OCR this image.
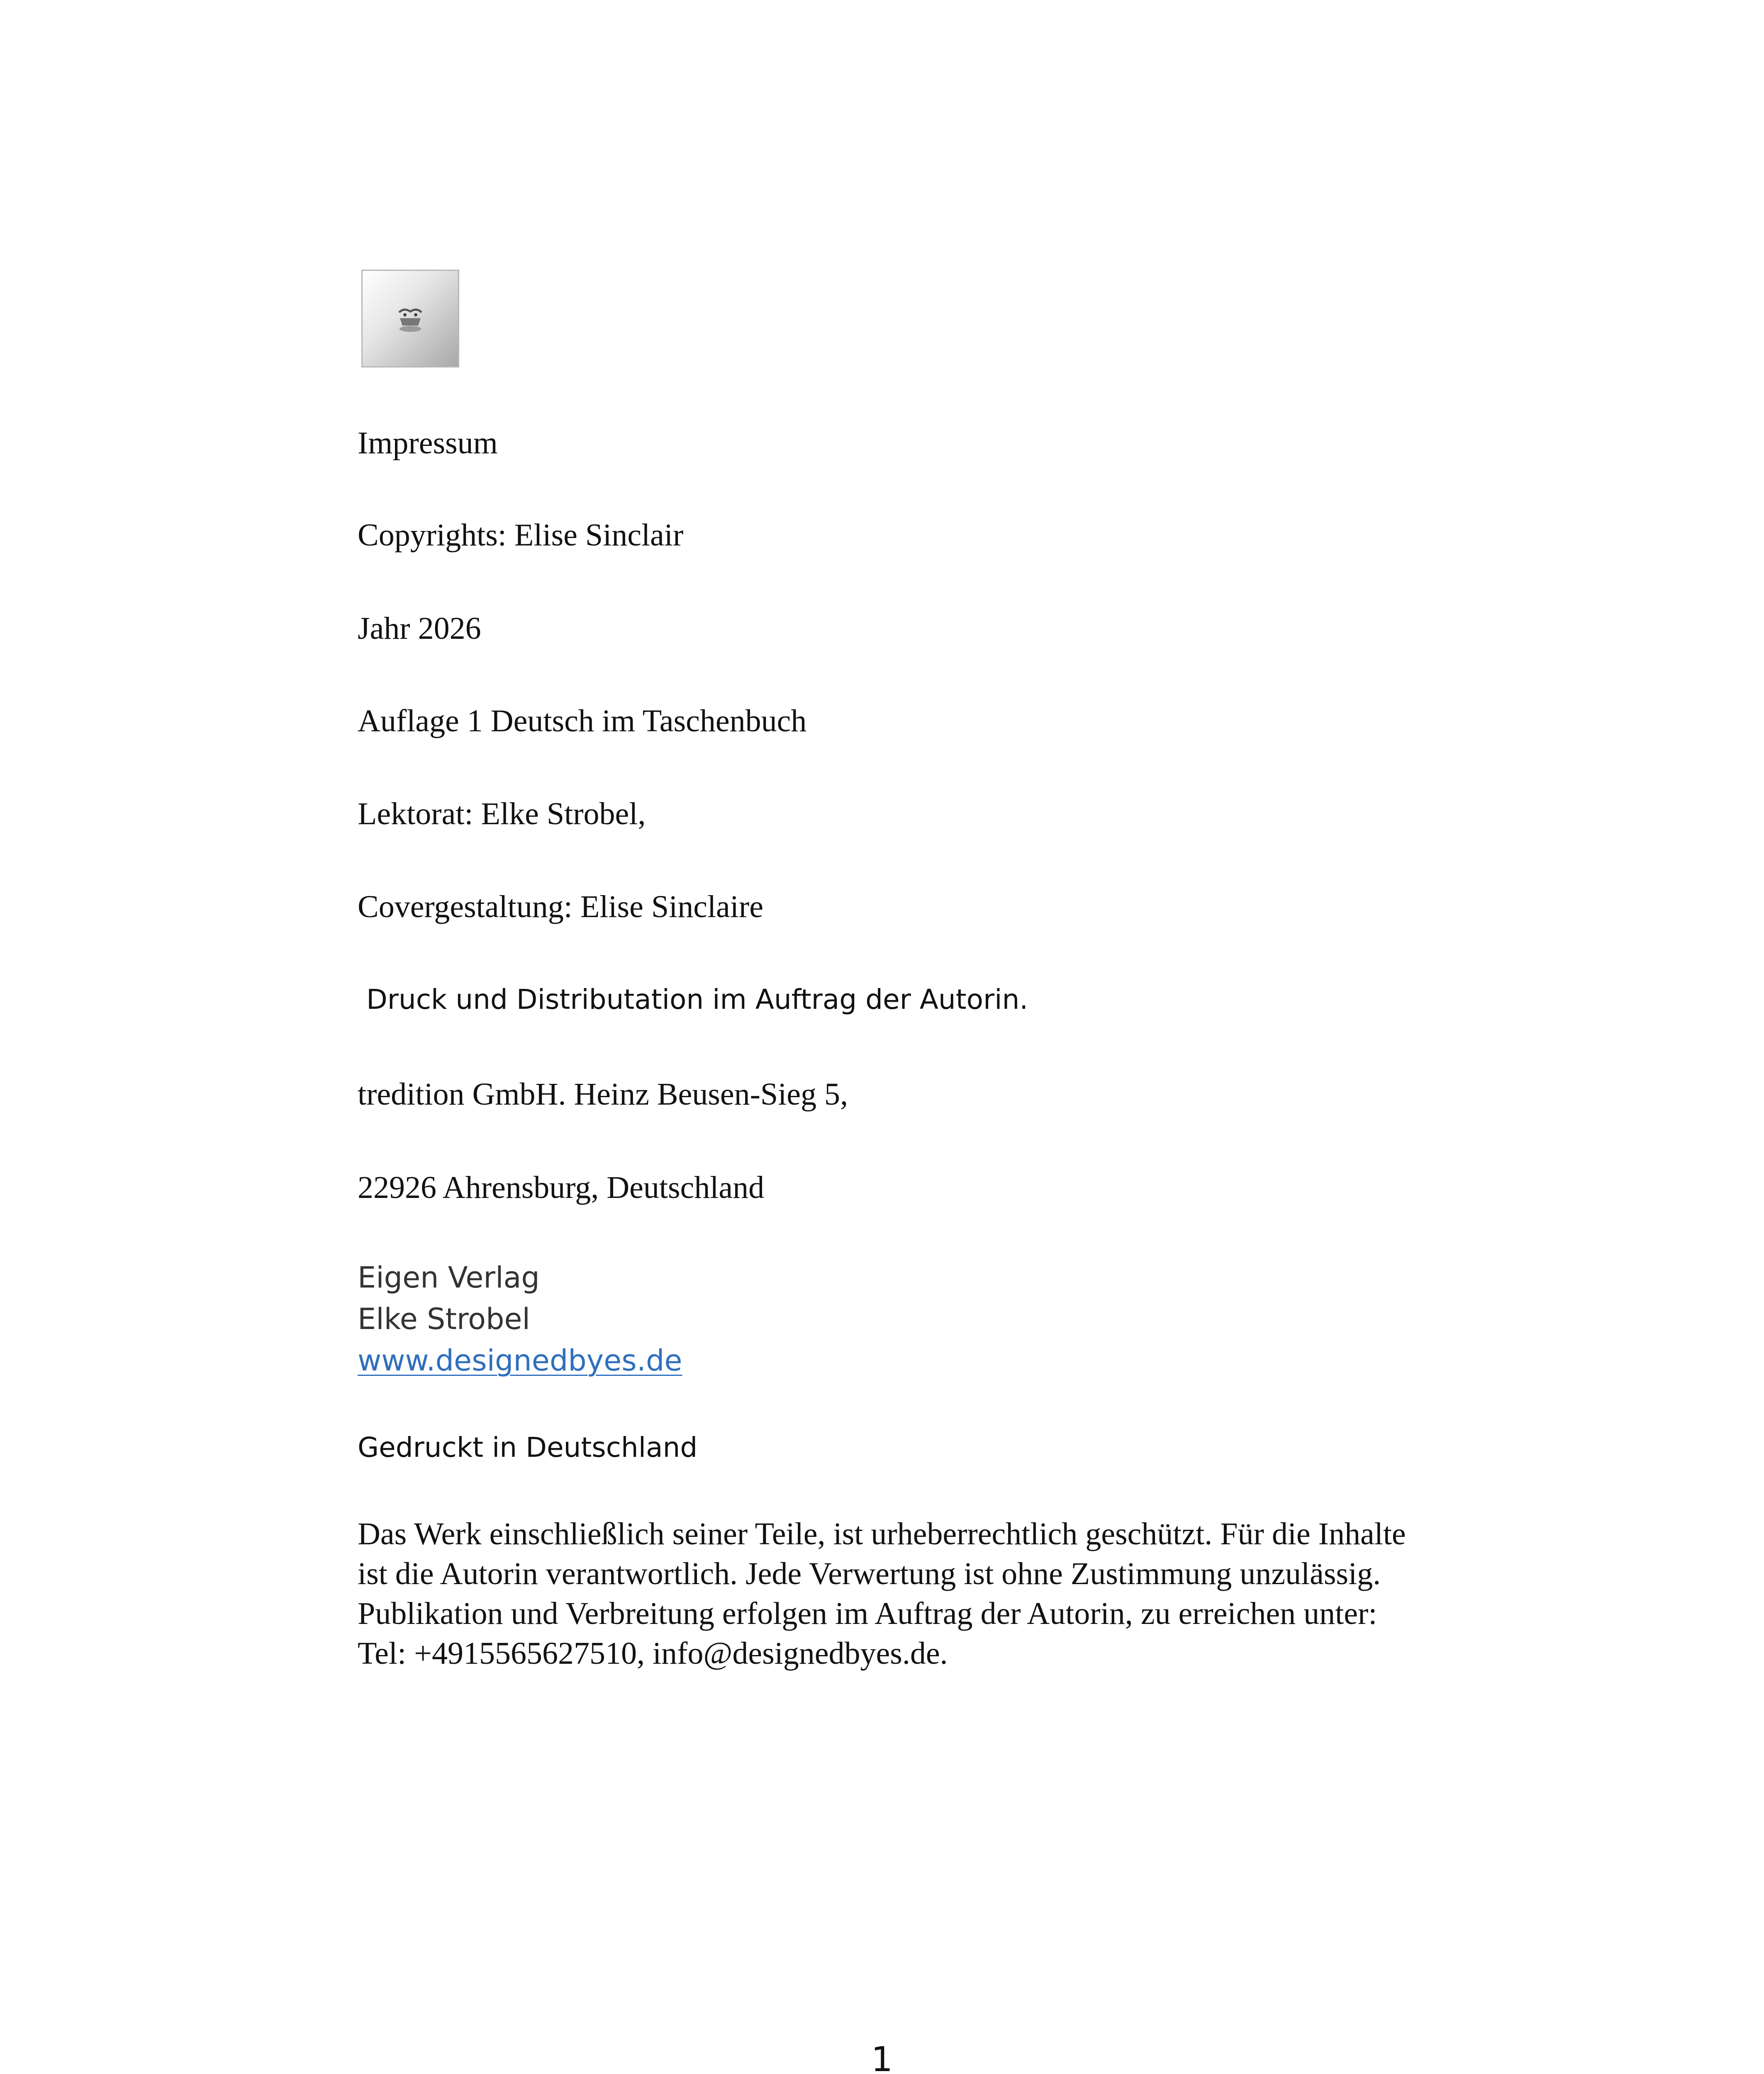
Impressum

Copyrights: Elise Sinclair

Jahr 2026

Auflage 1 Deutsch im Taschenbuch

Lektorat: Elke Strobel,

Covergestaltung: Elise Sinclaire

Druck und Distributation im Auftrag der Autorin.

tredition GmbH. Heinz Beusen-Sieg 5,

22926 Ahrensburg, Deutschland

Eigen Verlag

Elke Strobel

www.designedbyes.de

Gedruckt in Deutschland

Das Werk einschließlich seiner Teile, ist urheberrechtlich geschützt. Für die Inhalte ist die Autorin verantwortlich. Jede Verwertung ist ohne Zustimmung unzulässig. Publikation und Verbreitung erfolgen im Auftrag der Autorin, zu erreichen unter: Tel: +4915565627510, info@designedbyes.de.

1
